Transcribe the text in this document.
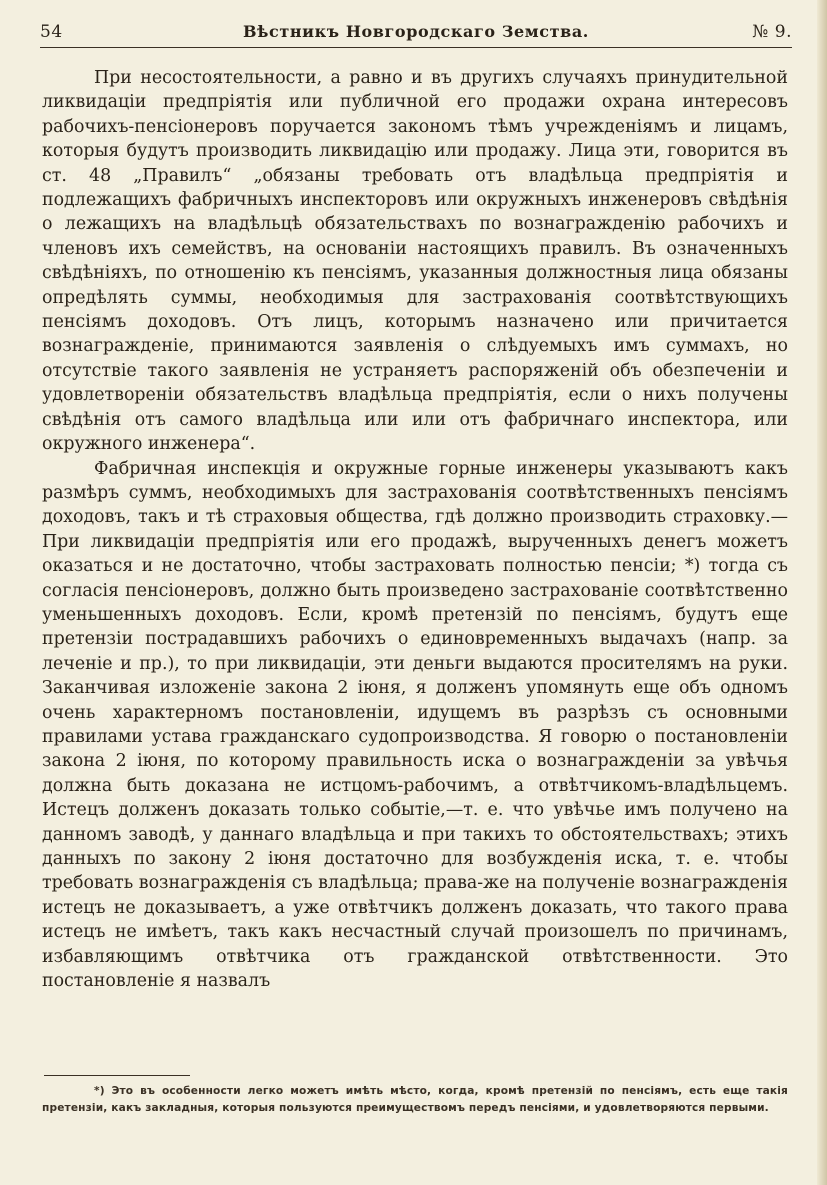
54	Вѣстникъ Новгородскаго Земства.	№ 9.

При несостоятельности, а равно и въ другихъ случаяхъ принудительной ликвидаціи предпріятія или публичной его продажи охрана интересовъ рабочихъ-пенсіонеровъ поручается закономъ тѣмъ учрежденіямъ и лицамъ, которыя будутъ производить ликвидацію или продажу. Лица эти, говорится въ ст. 48 „Правилъ“ „обязаны требовать отъ владѣльца предпріятія и подлежащихъ фабричныхъ инспекторовъ или окружныхъ инженеровъ свѣдѣнія о лежащихъ на владѣльцѣ обязательствахъ по вознагражденію рабочихъ и членовъ ихъ семействъ, на основаніи настоящихъ правилъ. Въ означенныхъ свѣдѣніяхъ, по отношенію къ пенсіямъ, указанныя должностныя лица обязаны опредѣлять суммы, необходимыя для застрахованія соотвѣтствующихъ пенсіямъ доходовъ. Отъ лицъ, которымъ назначено или причитается вознагражденіе, принимаются заявленія о слѣдуемыхъ имъ суммахъ, но отсутствіе такого заявленія не устраняетъ распоряженій объ обезпеченіи и удовлетвореніи обязательствъ владѣльца предпріятія, если о нихъ получены свѣдѣнія отъ самого владѣльца или или отъ фабричнаго инспектора, или окружного инженера“.

Фабричная инспекція и окружные горные инженеры указываютъ какъ размѣръ суммъ, необходимыхъ для застрахованія соотвѣтственныхъ пенсіямъ доходовъ, такъ и тѣ страховыя общества, гдѣ должно производить страховку.—При ликвидаціи предпріятія или его продажѣ, вырученныхъ денегъ можетъ оказаться и не достаточно, чтобы застраховать полностью пенсіи; *) тогда съ согласія пенсіонеровъ, должно быть произведено застрахованіе соотвѣтственно уменьшенныхъ доходовъ. Если, кромѣ претензій по пенсіямъ, будутъ еще претензіи пострадавшихъ рабочихъ о единовременныхъ выдачахъ (напр. за леченіе и пр.), то при ликвидаціи, эти деньги выдаются просителямъ на руки. Заканчивая изложеніе закона 2 іюня, я долженъ упомянуть еще объ одномъ очень характерномъ постановленіи, идущемъ въ разрѣзъ съ основными правилами устава гражданскаго судопроизводства. Я говорю о постановленіи закона 2 іюня, по которому правильность иска о вознагражденіи за увѣчья должна быть доказана не истцомъ-рабочимъ, а отвѣтчикомъ-владѣльцемъ. Истецъ долженъ доказать только событіе,—т. е. что увѣчье имъ получено на данномъ заводѣ, у даннаго владѣльца и при такихъ то обстоятельствахъ; этихъ данныхъ по закону 2 іюня достаточно для возбужденія иска, т. е. чтобы требовать вознагражденія съ владѣльца; права-же на полученіе вознагражденія истецъ не доказываетъ, а уже отвѣтчикъ долженъ доказать, что такого права истецъ не имѣетъ, такъ какъ несчастный случай произошелъ по причинамъ, избавляющимъ отвѣтчика отъ гражданской отвѣтственности. Это постановленіе я назвалъ

*) Это въ особенности легко можетъ имѣть мѣсто, когда, кромѣ претензій по пенсіямъ, есть еще такія претензіи, какъ закладныя, которыя пользуются преимуществомъ передъ пенсіями, и удовлетворяются первыми.
